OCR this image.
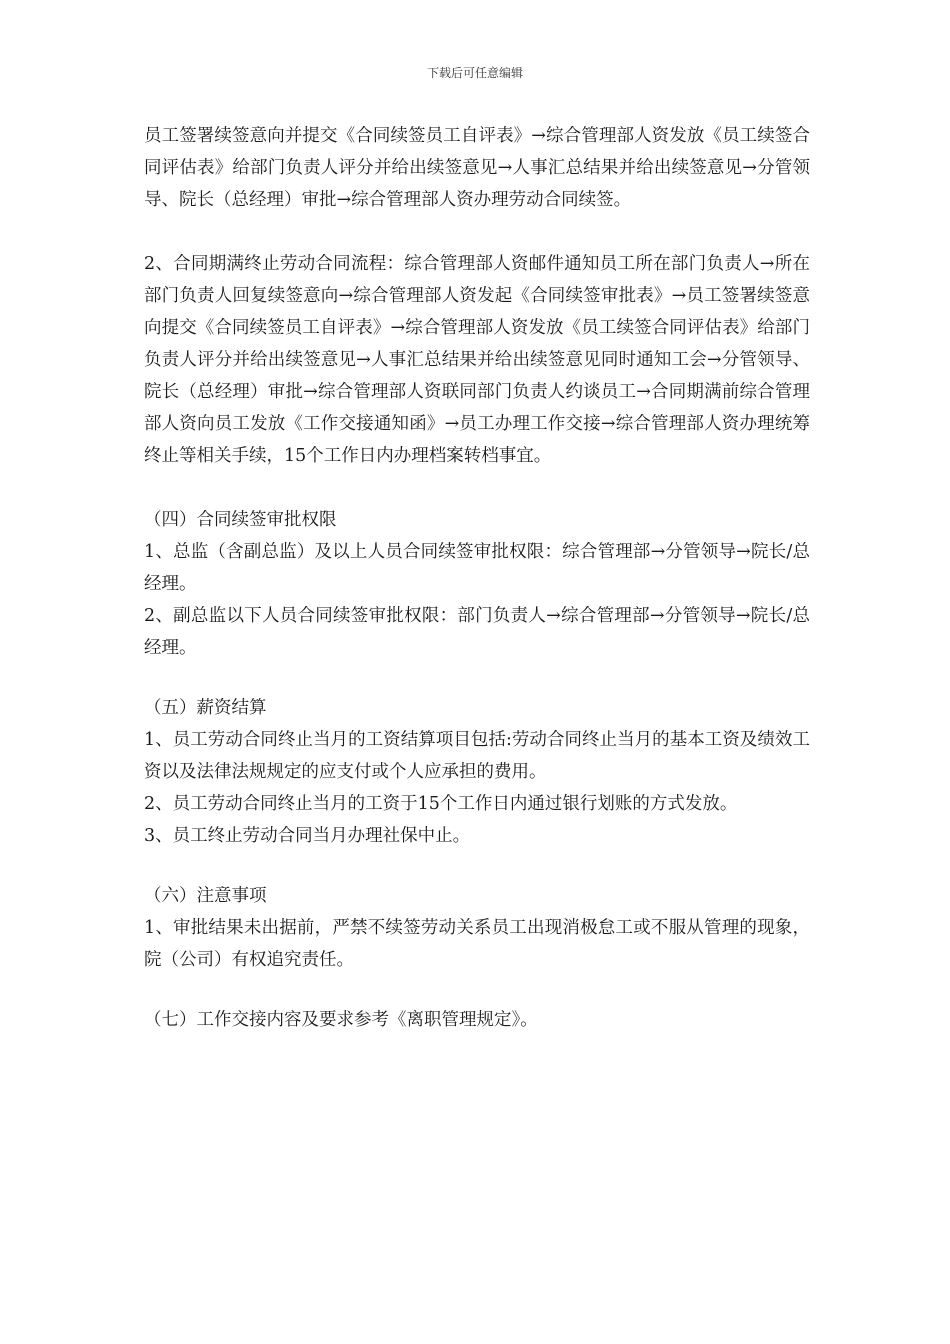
下载后可任意编辑

员工签署续签意向并提交《合同续签员工自评表》→综合管理部人资发放《员工续签合同评估表》给部门负责人评分并给出续签意见→人事汇总结果并给出续签意见→分管领导、院长（总经理）审批→综合管理部人资办理劳动合同续签。

2、合同期满终止劳动合同流程：综合管理部人资邮件通知员工所在部门负责人→所在部门负责人回复续签意向→综合管理部人资发起《合同续签审批表》→员工签署续签意向提交《合同续签员工自评表》→综合管理部人资发放《员工续签合同评估表》给部门负责人评分并给出续签意见→人事汇总结果并给出续签意见同时通知工会→分管领导、院长（总经理）审批→综合管理部人资联同部门负责人约谈员工→合同期满前综合管理部人资向员工发放《工作交接通知函》→员工办理工作交接→综合管理部人资办理统筹终止等相关手续，15个工作日内办理档案转档事宜。

（四）合同续签审批权限

1、总监（含副总监）及以上人员合同续签审批权限：综合管理部→分管领导→院长/总经理。

2、副总监以下人员合同续签审批权限：部门负责人→综合管理部→分管领导→院长/总经理。

（五）薪资结算

1、员工劳动合同终止当月的工资结算项目包括:劳动合同终止当月的基本工资及绩效工资以及法律法规规定的应支付或个人应承担的费用。

2、员工劳动合同终止当月的工资于15个工作日内通过银行划账的方式发放。

3、员工终止劳动合同当月办理社保中止。

（六）注意事项

1、审批结果未出据前，严禁不续签劳动关系员工出现消极怠工或不服从管理的现象，院（公司）有权追究责任。

（七）工作交接内容及要求参考《离职管理规定》。
